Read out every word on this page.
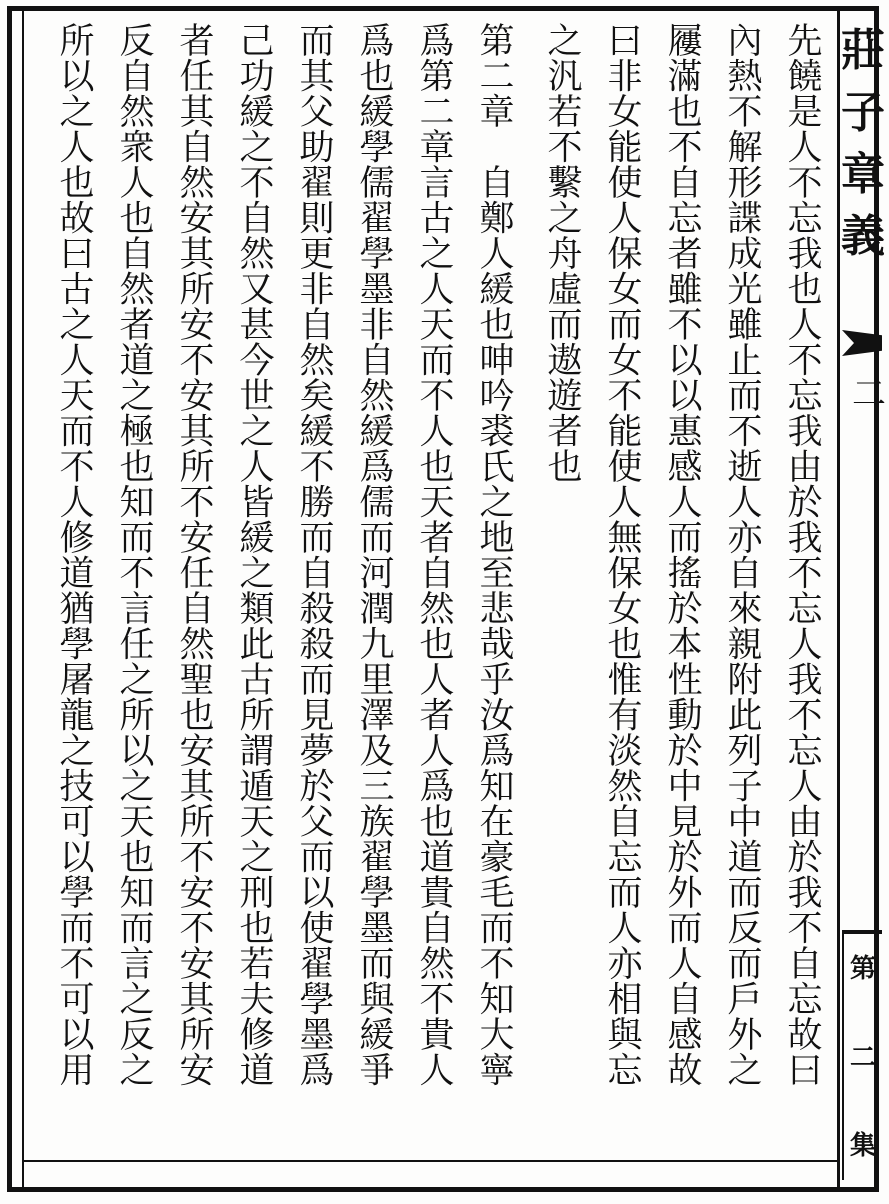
莊
子
章
義
二
第
二
集
先饒是人不忘我也人不忘我由於我不忘人我不忘人由於我不自忘故曰
內熱不解形諜成光雖止而不逝人亦自來親附此列子中道而反而戶外之
屨滿也不自忘者雖不以以惠感人而搖於本性動於中見於外而人自感故
曰非女能使人保女而女不能使人無保女也惟有淡然自忘而人亦相與忘
之汎若不繫之舟虛而遨遊者也
第二章　自鄭人緩也呻吟裘氏之地至悲哉乎汝爲知在豪毛而不知大寧
爲第二章言古之人天而不人也天者自然也人者人爲也道貴自然不貴人
爲也緩學儒翟學墨非自然緩爲儒而河潤九里澤及三族翟學墨而與緩爭
而其父助翟則更非自然矣緩不勝而自殺殺而見夢於父而以使翟學墨爲
己功緩之不自然又甚今世之人皆緩之類此古所謂遁天之刑也若夫修道
者任其自然安其所安不安其所不安任自然聖也安其所不安不安其所安
反自然衆人也自然者道之極也知而不言任之所以之天也知而言之反之
所以之人也故曰古之人天而不人修道猶學屠龍之技可以學而不可以用
